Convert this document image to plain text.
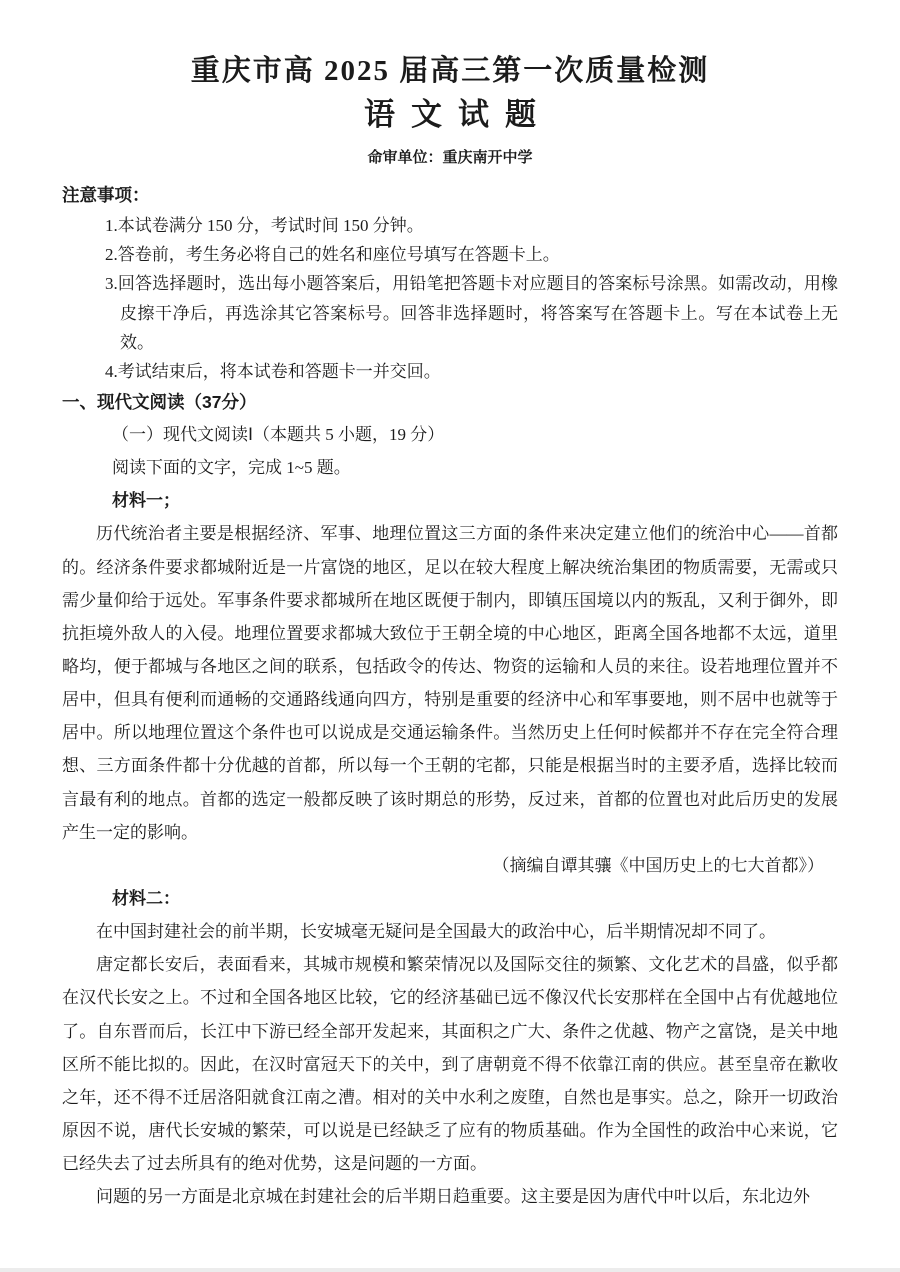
重庆市高 2025 届高三第一次质量检测
语文试题
命审单位：重庆南开中学
注意事项：
1.本试卷满分 150 分，考试时间 150 分钟。
2.答卷前，考生务必将自己的姓名和座位号填写在答题卡上。
3.回答选择题时，选出每小题答案后，用铅笔把答题卡对应题目的答案标号涂黑。如需改动，用橡皮擦干净后，再选涂其它答案标号。回答非选择题时，将答案写在答题卡上。写在本试卷上无效。
4.考试结束后，将本试卷和答题卡一并交回。
一、现代文阅读（37分）
（一）现代文阅读Ⅰ（本题共 5 小题，19 分）
阅读下面的文字，完成 1~5 题。
材料一；

历代统治者主要是根据经济、军事、地理位置这三方面的条件来决定建立他们的统治中心——首都的。经济条件要求都城附近是一片富饶的地区，足以在较大程度上解决统治集团的物质需要，无需或只需少量仰给于远处。军事条件要求都城所在地区既便于制内，即镇压国境以内的叛乱，又利于御外，即抗拒境外敌人的入侵。地理位置要求都城大致位于王朝全境的中心地区，距离全国各地都不太远，道里略均，便于都城与各地区之间的联系，包括政令的传达、物资的运输和人员的来往。设若地理位置并不居中，但具有便利而通畅的交通路线通向四方，特别是重要的经济中心和军事要地，则不居中也就等于居中。所以地理位置这个条件也可以说成是交通运输条件。当然历史上任何时候都并不存在完全符合理想、三方面条件都十分优越的首都，所以每一个王朝的宅都，只能是根据当时的主要矛盾，选择比较而言最有利的地点。首都的选定一般都反映了该时期总的形势，反过来，首都的位置也对此后历史的发展产生一定的影响。

（摘编自谭其骧《中国历史上的七大首都》）
材料二：

在中国封建社会的前半期，长安城毫无疑问是全国最大的政治中心，后半期情况却不同了。

唐定都长安后，表面看来，其城市规模和繁荣情况以及国际交往的频繁、文化艺术的昌盛，似乎都在汉代长安之上。不过和全国各地区比较，它的经济基础已远不像汉代长安那样在全国中占有优越地位了。自东晋而后，长江中下游已经全部开发起来，其面积之广大、条件之优越、物产之富饶，是关中地区所不能比拟的。因此，在汉时富冠天下的关中，到了唐朝竟不得不依靠江南的供应。甚至皇帝在歉收之年，还不得不迁居洛阳就食江南之漕。相对的关中水利之废堕，自然也是事实。总之，除开一切政治原因不说，唐代长安城的繁荣，可以说是已经缺乏了应有的物质基础。作为全国性的政治中心来说，它已经失去了过去所具有的绝对优势，这是问题的一方面。

问题的另一方面是北京城在封建社会的后半期日趋重要。这主要是因为唐代中叶以后，东北边外
